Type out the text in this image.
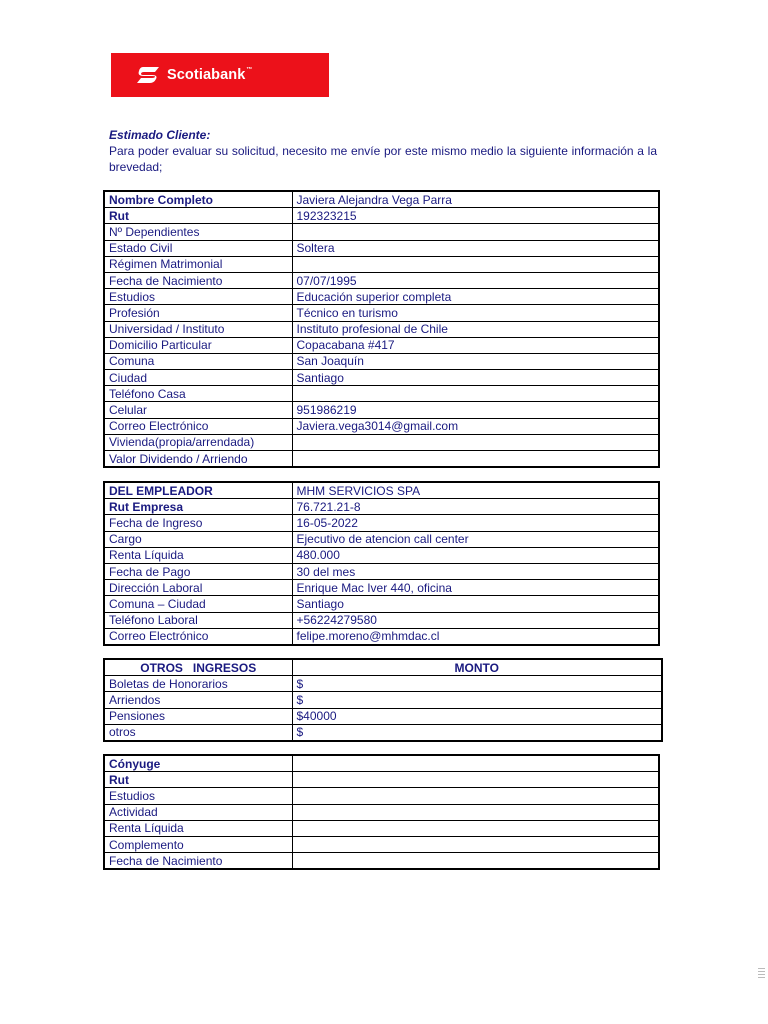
Scotiabank™
Estimado Cliente:
Para poder evaluar su solicitud, necesito me envíe por este mismo medio la siguiente información a la brevedad;
Nombre Completo	Javiera Alejandra Vega Parra
Rut	192323215
Nº Dependientes	
Estado Civil	Soltera
Régimen Matrimonial	
Fecha de Nacimiento	07/07/1995
Estudios	Educación superior completa
Profesión	Técnico en turismo
Universidad / Instituto	Instituto profesional de Chile
Domicilio Particular	Copacabana #417
Comuna	San Joaquín
Ciudad	Santiago
Teléfono Casa	
Celular	951986219
Correo Electrónico	Javiera.vega3014@gmail.com
Vivienda(propia/arrendada)	
Valor Dividendo / Arriendo	
DEL EMPLEADOR	MHM SERVICIOS SPA
Rut Empresa	76.721.21-8
Fecha de Ingreso	16-05-2022
Cargo	Ejecutivo de atencion call center
Renta Líquida	480.000
Fecha de Pago	30 del mes
Dirección Laboral	Enrique Mac Iver 440, oficina
Comuna – Ciudad	Santiago
Teléfono Laboral	+56224279580
Correo Electrónico	felipe.moreno@mhmdac.cl
OTROS   INGRESOS	MONTO
Boletas de Honorarios	$
Arriendos	$
Pensiones	$40000
otros	$
Cónyuge	
Rut	
Estudios	
Actividad	
Renta Líquida	
Complemento	
Fecha de Nacimiento	
